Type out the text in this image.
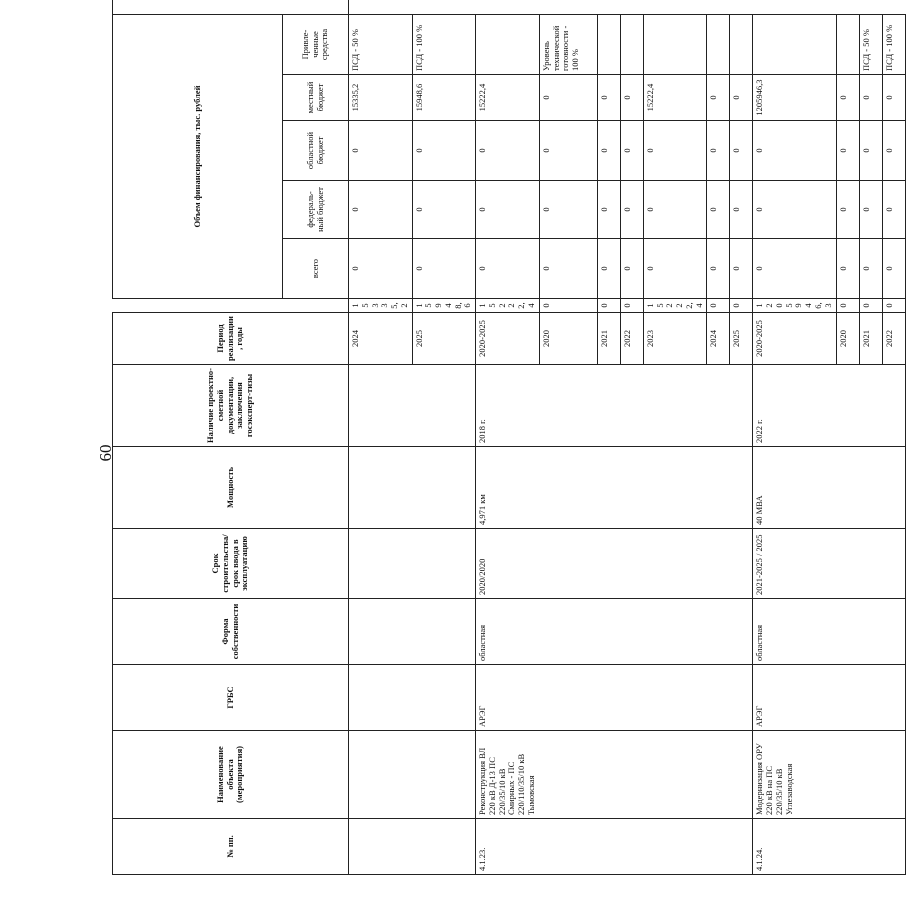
60
№ пп.	Наименование объекта (мероприятия)	ГРБС	Форма собственности	Срок строительства/ срок ввода в эксплуатацию	Мощность	Наличие проектно-сметной документации, заключения госэксперт-тизы	Период реализации, годы		Объем финансирования, тыс. рублей	
									всего	федераль-ный бюджет	областной бюджет	местный бюджет	Привле-ченные средства	
							2024	15335,2	0	0	0	15335,2	ПСД - 50 %	
							2025	15948,6	0	0	0	15948,6	ПСД - 100 %	
4.1.23.	Реконструкция ВЛ 220 кВ Д-13 ПС 220/35/10 кВ Смирных - ПС 220/110/35/10 кВ Тымовская	АРЭГ	областная	2020/2020	4,971 км	2018 г.	2020-2025	15222,4	0	0	0	15222,4		
							2020	0	0	0	0	0	Уровень технической готовности - 100 %	
							2021	0	0	0	0	0		
							2022	0	0	0	0	0		
							2023	15222,4	0	0	0	15222,4		
							2024	0	0	0	0	0		
							2025	0	0	0	0	0		
4.1.24.	Модернизация ОРУ 220 кВ на ПС 220/35/10 кВ Углезаводская	АРЭГ	областная	2021-2025 / 2025	40 МВА	2022 г.	2020-2025	1205946,3	0	0	0	1205946,3		
							2020	0	0	0	0	0		
							2021	0	0	0	0	0	ПСД - 50 %	
							2022	0	0	0	0	0	ПСД - 100 %	
